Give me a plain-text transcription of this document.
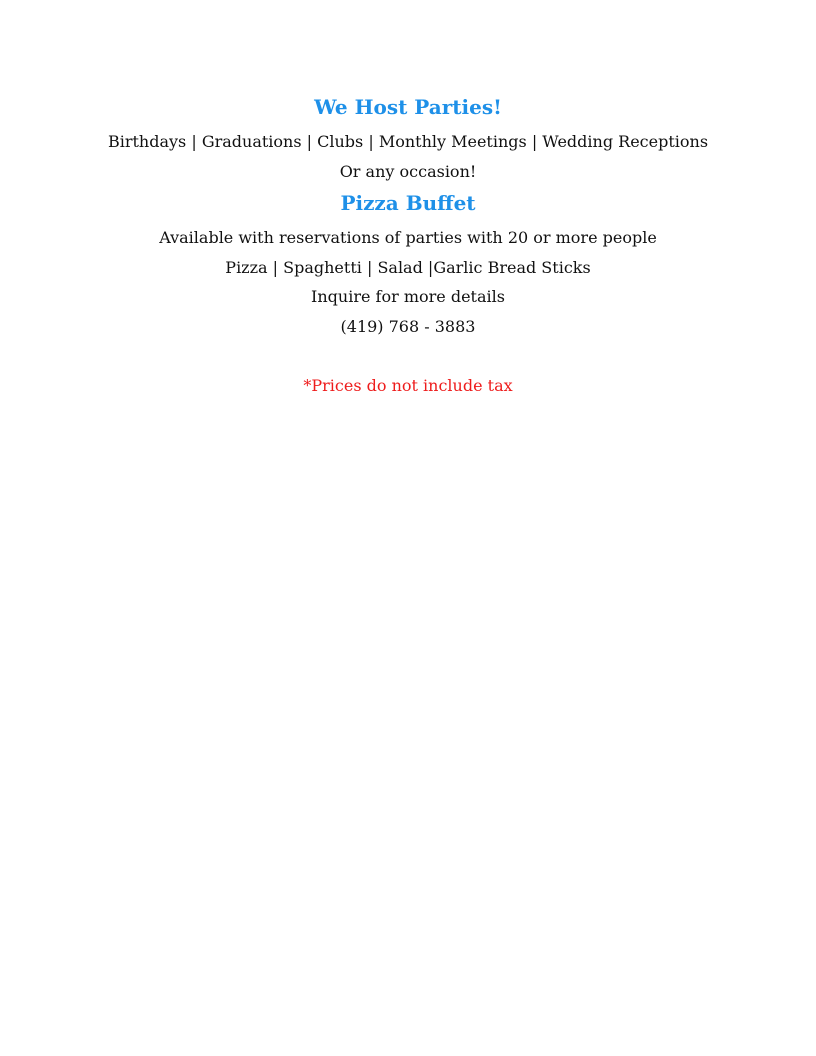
We Host Parties!

Birthdays | Graduations | Clubs | Monthly Meetings | Wedding Receptions

Or any occasion!

Pizza Buffet

Available with reservations of parties with 20 or more people

Pizza | Spaghetti | Salad |Garlic Bread Sticks

Inquire for more details

(419) 768 - 3883

*Prices do not include tax
